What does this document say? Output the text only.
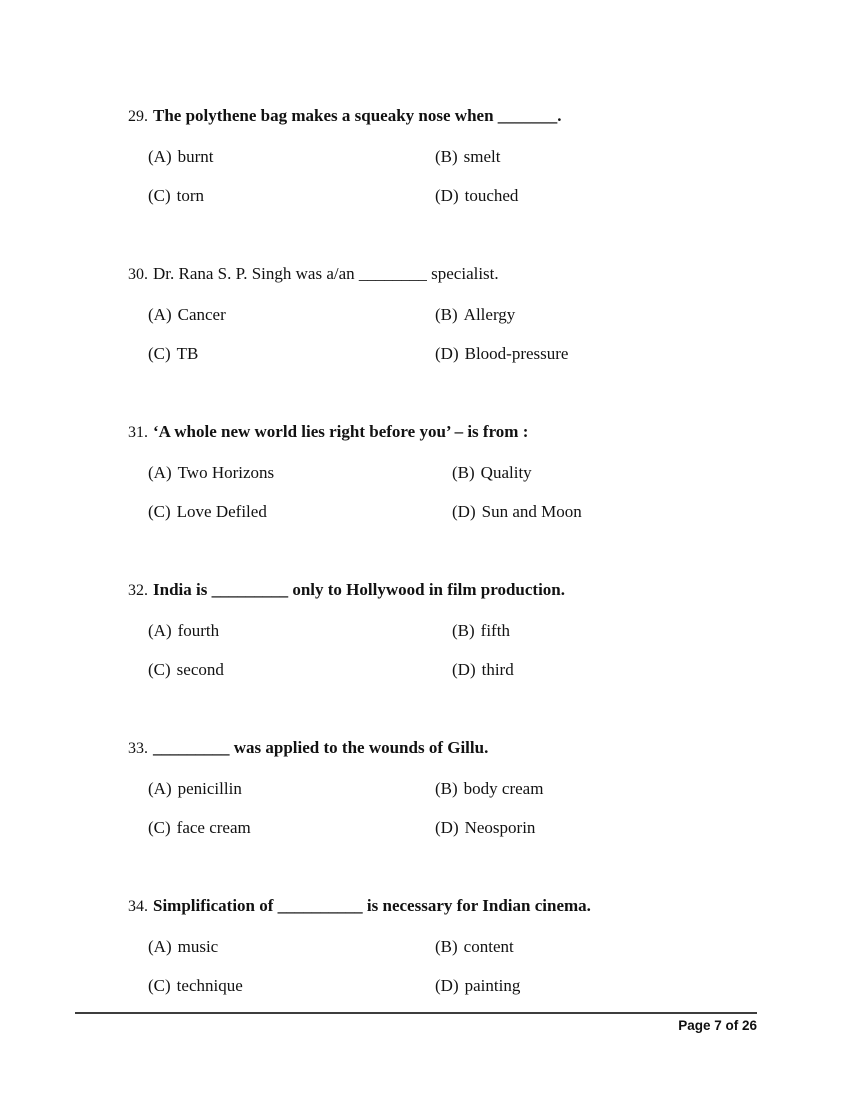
29. The polythene bag makes a squeaky nose when _______.
(A) burnt	(B) smelt
(C) torn	(D) touched
30. Dr. Rana S. P. Singh was a/an ________ specialist.
(A) Cancer	(B) Allergy
(C) TB	(D) Blood-pressure
31. ‘A whole new world lies right before you’ – is from :
(A) Two Horizons	(B) Quality
(C) Love Defiled	(D) Sun and Moon
32. India is _________ only to Hollywood in film production.
(A) fourth	(B) fifth
(C) second	(D) third
33. _________ was applied to the wounds of Gillu.
(A) penicillin	(B) body cream
(C) face cream	(D) Neosporin
34. Simplification of __________ is necessary for Indian cinema.
(A) music	(B) content
(C) technique	(D) painting
Page 7 of 26
